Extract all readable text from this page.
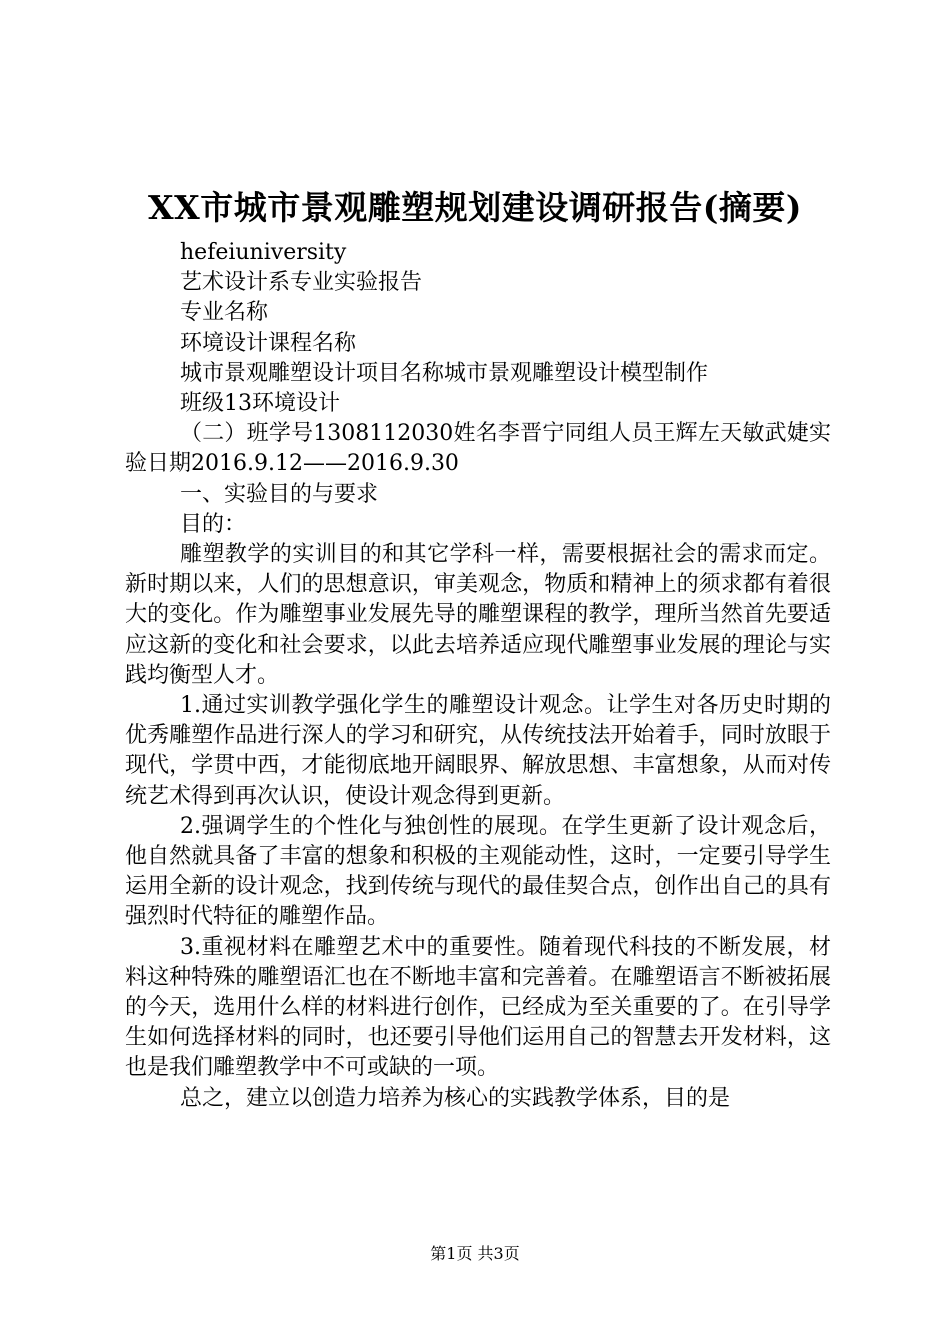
XX市城市景观雕塑规划建设调研报告(摘要)

hefeiuniversity

艺术设计系专业实验报告

专业名称

环境设计课程名称

城市景观雕塑设计项目名称城市景观雕塑设计模型制作

班级13环境设计

（二）班学号1308112030姓名李晋宁同组人员王辉左天敏武婕实验日期2016.9.12——2016.9.30

一、实验目的与要求

目的：

雕塑教学的实训目的和其它学科一样，需要根据社会的需求而定。新时期以来，人们的思想意识，审美观念，物质和精神上的须求都有着很大的变化。作为雕塑事业发展先导的雕塑课程的教学，理所当然首先要适应这新的变化和社会要求，以此去培养适应现代雕塑事业发展的理论与实践均衡型人才。

1.通过实训教学强化学生的雕塑设计观念。让学生对各历史时期的优秀雕塑作品进行深人的学习和研究，从传统技法开始着手，同时放眼于现代，学贯中西，才能彻底地开阔眼界、解放思想、丰富想象，从而对传统艺术得到再次认识，使设计观念得到更新。

2.强调学生的个性化与独创性的展现。在学生更新了设计观念后，他自然就具备了丰富的想象和积极的主观能动性，这时，一定要引导学生运用全新的设计观念，找到传统与现代的最佳契合点，创作出自己的具有强烈时代特征的雕塑作品。

3.重视材料在雕塑艺术中的重要性。随着现代科技的不断发展，材料这种特殊的雕塑语汇也在不断地丰富和完善着。在雕塑语言不断被拓展的今天，选用什么样的材料进行创作，已经成为至关重要的了。在引导学生如何选择材料的同时，也还要引导他们运用自己的智慧去开发材料，这也是我们雕塑教学中不可或缺的一项。

总之，建立以创造力培养为核心的实践教学体系，目的是

第1页 共3页
